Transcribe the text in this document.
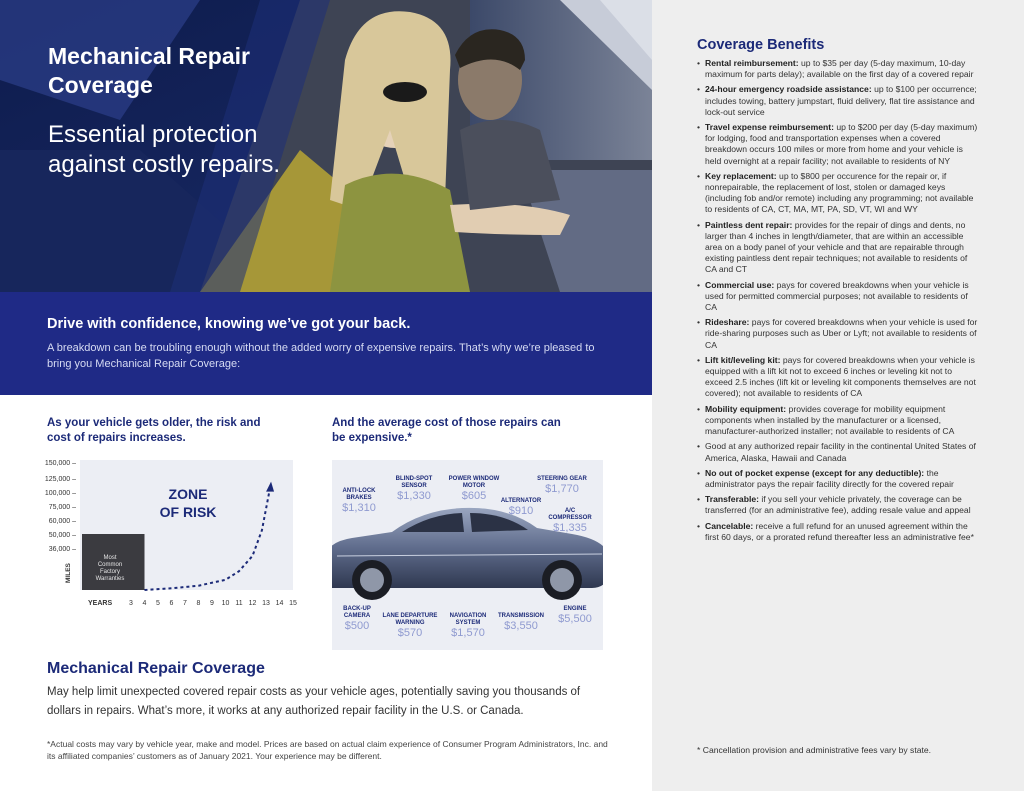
Mechanical Repair Coverage
Essential protection against costly repairs.
Drive with confidence, knowing we’ve got your back.
A breakdown can be troubling enough without the added worry of expensive repairs. That’s why we’re pleased to bring you Mechanical Repair Coverage:
As your vehicle gets older, the risk and cost of repairs increases.
And the average cost of those repairs can be expensive.*
150,000 –
125,000 –
100,000 –
75,000 –
60,000 –
50,000 –
36,000 –
3 4 5 6 7 8 9 10 11 12 13 14 15
ZONE
OF RISK
Most
Common
Factory
Warranties
MILES
YEARS
ANTI-LOCK
BRAKES
$1,310
BLIND-SPOT
SENSOR
$1,330
POWER WINDOW
MOTOR
$605
STEERING GEAR
$1,770
ALTERNATOR
$910	A/C
COMPRESSOR
$1,335
BACK-UP
CAMERA
$500
LANE DEPARTURE
WARNING
$570
NAVIGATION
SYSTEM
$1,570
TRANSMISSION
$3,550
ENGINE
$5,500
Mechanical Repair Coverage
May help limit unexpected covered repair costs as your vehicle ages, potentially saving you thousands of dollars in repairs. What’s more, it works at any authorized repair facility in the U.S. or Canada.
*Actual costs may vary by vehicle year, make and model. Prices are based on actual claim experience of Consumer Program Administrators, Inc. and its affiliated companies’ customers as of January 2021. Your experience may be different.
Coverage Benefits
• Rental reimbursement: up to $35 per day (5-day maximum, 10-day maximum for parts delay); available on the first day of a covered repair
• 24-hour emergency roadside assistance: up to $100 per occurrence; includes towing, battery jumpstart, fluid delivery, flat tire assistance and lock-out service
• Travel expense reimbursement: up to $200 per day (5-day maximum) for lodging, food and transportation expenses when a covered breakdown occurs 100 miles or more from home and your vehicle is held overnight at a repair facility; not available to residents of NY
• Key replacement: up to $800 per occurence for the repair or, if nonrepairable, the replacement of lost, stolen or damaged keys (including fob and/or remote) including any programming; not available to residents of CA, CT, MA, MT, PA, SD, VT, WI and WY
• Paintless dent repair: provides for the repair of dings and dents, no larger than 4 inches in length/diameter, that are within an accessible area on a body panel of your vehicle and that are repairable through existing paintless dent repair techniques; not available to residents of CA and CT
• Commercial use: pays for covered breakdowns when your vehicle is used for permitted commercial purposes; not available to residents of CA
• Rideshare: pays for covered breakdowns when your vehicle is used for ride-sharing purposes such as Uber or Lyft; not available to residents of CA
• Lift kit/leveling kit: pays for covered breakdowns when your vehicle is equipped with a lift kit not to exceed 6 inches or leveling kit not to exceed 2.5 inches (lift kit or leveling kit components themselves are not covered); not available to residents of CA
• Mobility equipment: provides coverage for mobility equipment components when installed by the manufacturer or a licensed, manufacturer-authorized installer; not available to residents of CA
• Good at any authorized repair facility in the continental United States of America, Alaska, Hawaii and Canada
• No out of pocket expense (except for any deductible): the administrator pays the repair facility directly for the covered repair
• Transferable: if you sell your vehicle privately, the coverage can be transferred (for an administrative fee), adding resale value and appeal
• Cancelable: receive a full refund for an unused agreement within the first 60 days, or a prorated refund thereafter less an administrative fee*
* Cancellation provision and administrative fees vary by state.
